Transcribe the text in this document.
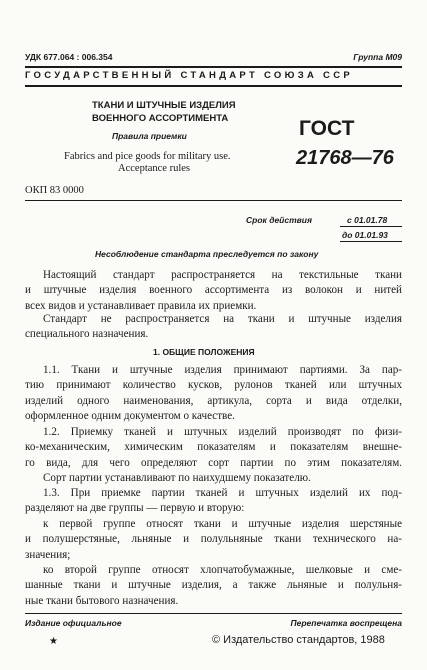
УДК 677.064 : 006.354	Группа М09
ГОСУДАРСТВЕННЫЙ СТАНДАРТ СОЮЗА ССР
ТКАНИ И ШТУЧНЫЕ ИЗДЕЛИЯ
ВОЕННОГО АССОРТИМЕНТА
Правила приемки
Fabrics and pice goods for military use.
Acceptance rules
ГОСТ
21768—76
ОКП 83 0000
Срок действия	с 01.01.78
до 01.01.93
Несоблюдение стандарта преследуется по закону
Настоящий стандарт распространяется на текстильные ткани
и штучные изделия военного ассортимента из волокон и нитей
всех видов и устанавливает правила их приемки.
Стандарт не распространяется на ткани и штучные изделия
специального назначения.
1. ОБЩИЕ ПОЛОЖЕНИЯ
1.1. Ткани и штучные изделия принимают партиями. За пар-
тию принимают количество кусков, рулонов тканей или штучных
изделий одного наименования, артикула, сорта и вида отделки,
оформленное одним документом о качестве.
1.2. Приемку тканей и штучных изделий производят по физи-
ко-механическим, химическим показателям и показателям внешне-
го вида, для чего определяют сорт партии по этим показателям.
Сорт партии устанавливают по наихудшему показателю.
1.3. При приемке партии тканей и штучных изделий их под-
разделяют на две группы — первую и вторую:
к первой группе относят ткани и штучные изделия шерстяные
и полушерстяные, льняные и полульняные ткани технического на-
значения;
ко второй группе относят хлопчатобумажные, шелковые и сме-
шанные ткани и штучные изделия, а также льняные и полульня-
ные ткани бытового назначения.
Издание официальное	Перепечатка воспрещена
★	© Издательство стандартов, 1988
